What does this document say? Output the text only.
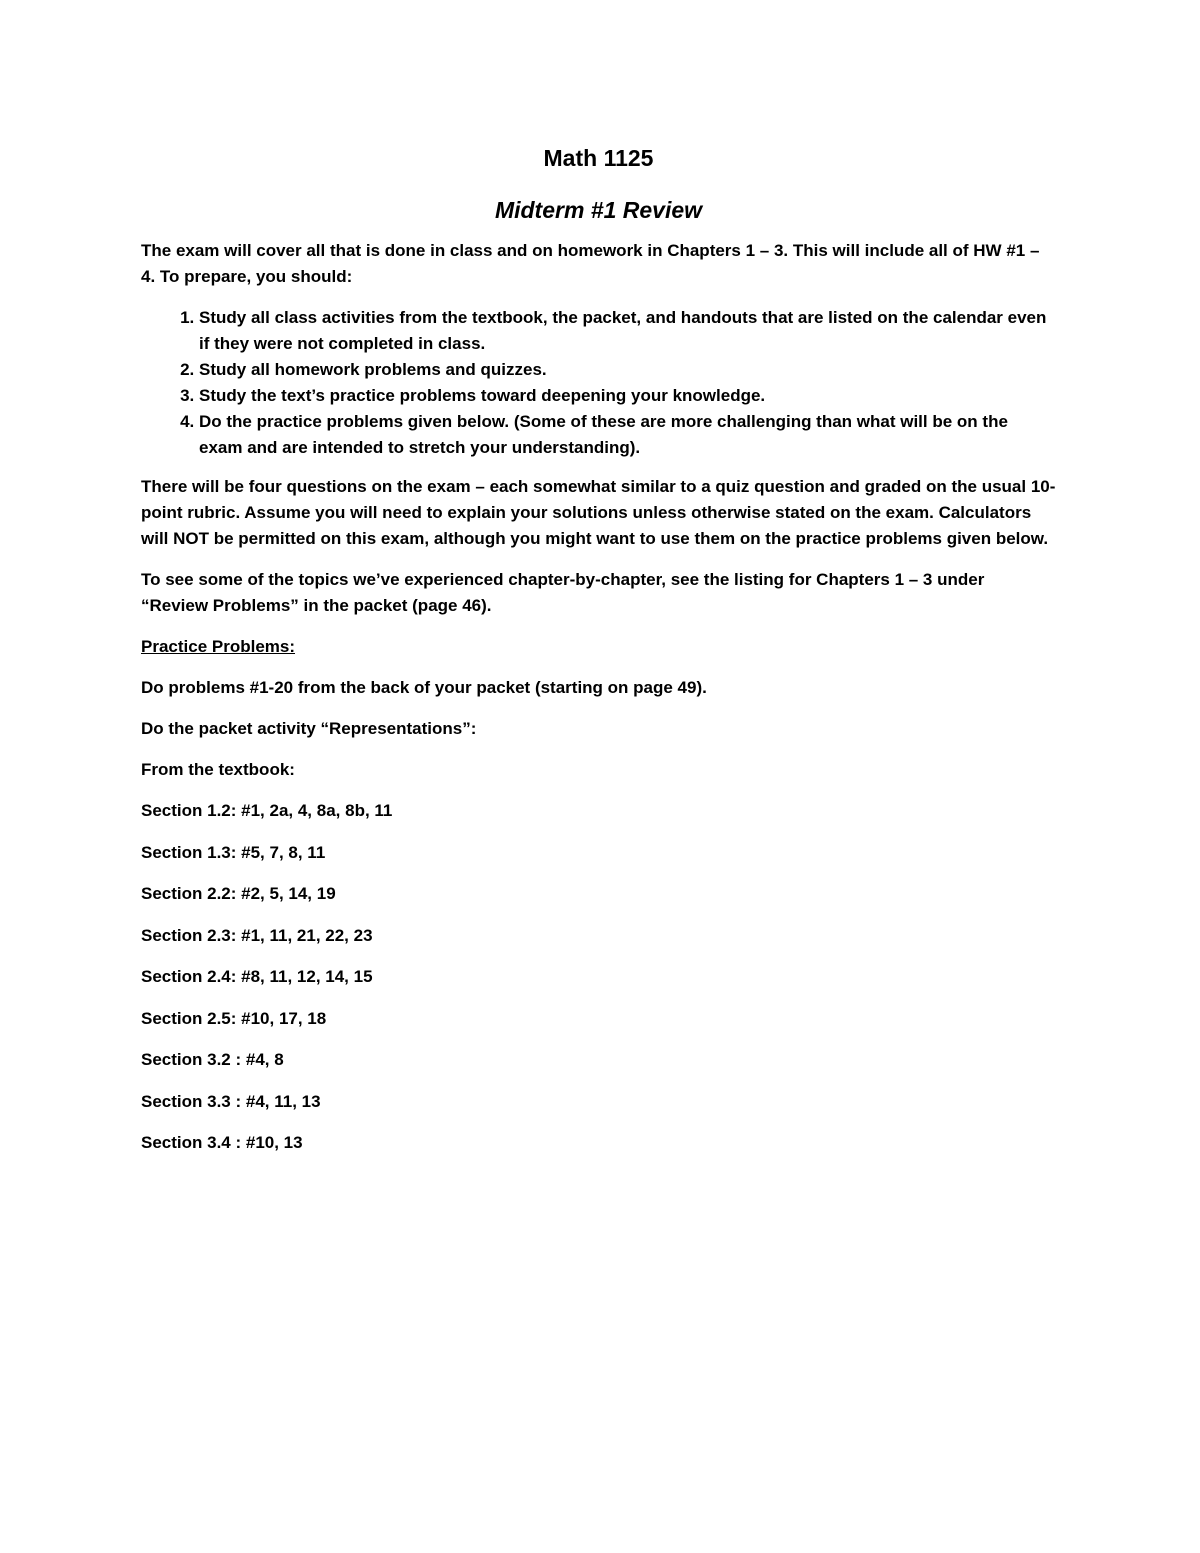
Math 1125
Midterm #1 Review

The exam will cover all that is done in class and on homework in Chapters 1 – 3. This will include all of HW #1 – 4. To prepare, you should:

1. Study all class activities from the textbook, the packet, and handouts that are listed on the calendar even if they were not completed in class.
2. Study all homework problems and quizzes.
3. Study the text’s practice problems toward deepening your knowledge.
4. Do the practice problems given below. (Some of these are more challenging than what will be on the exam and are intended to stretch your understanding).

There will be four questions on the exam – each somewhat similar to a quiz question and graded on the usual 10-point rubric. Assume you will need to explain your solutions unless otherwise stated on the exam. Calculators will NOT be permitted on this exam, although you might want to use them on the practice problems given below.

To see some of the topics we’ve experienced chapter-by-chapter, see the listing for Chapters 1 – 3 under “Review Problems” in the packet (page 46).

Practice Problems:

Do problems #1-20 from the back of your packet (starting on page 49).

Do the packet activity “Representations”:

From the textbook:

Section 1.2: #1, 2a, 4, 8a, 8b, 11
Section 1.3: #5, 7, 8, 11
Section 2.2: #2, 5, 14, 19
Section 2.3: #1, 11, 21, 22, 23
Section 2.4: #8, 11, 12, 14, 15
Section 2.5: #10, 17, 18
Section 3.2 : #4, 8
Section 3.3 : #4, 11, 13
Section 3.4 : #10, 13
